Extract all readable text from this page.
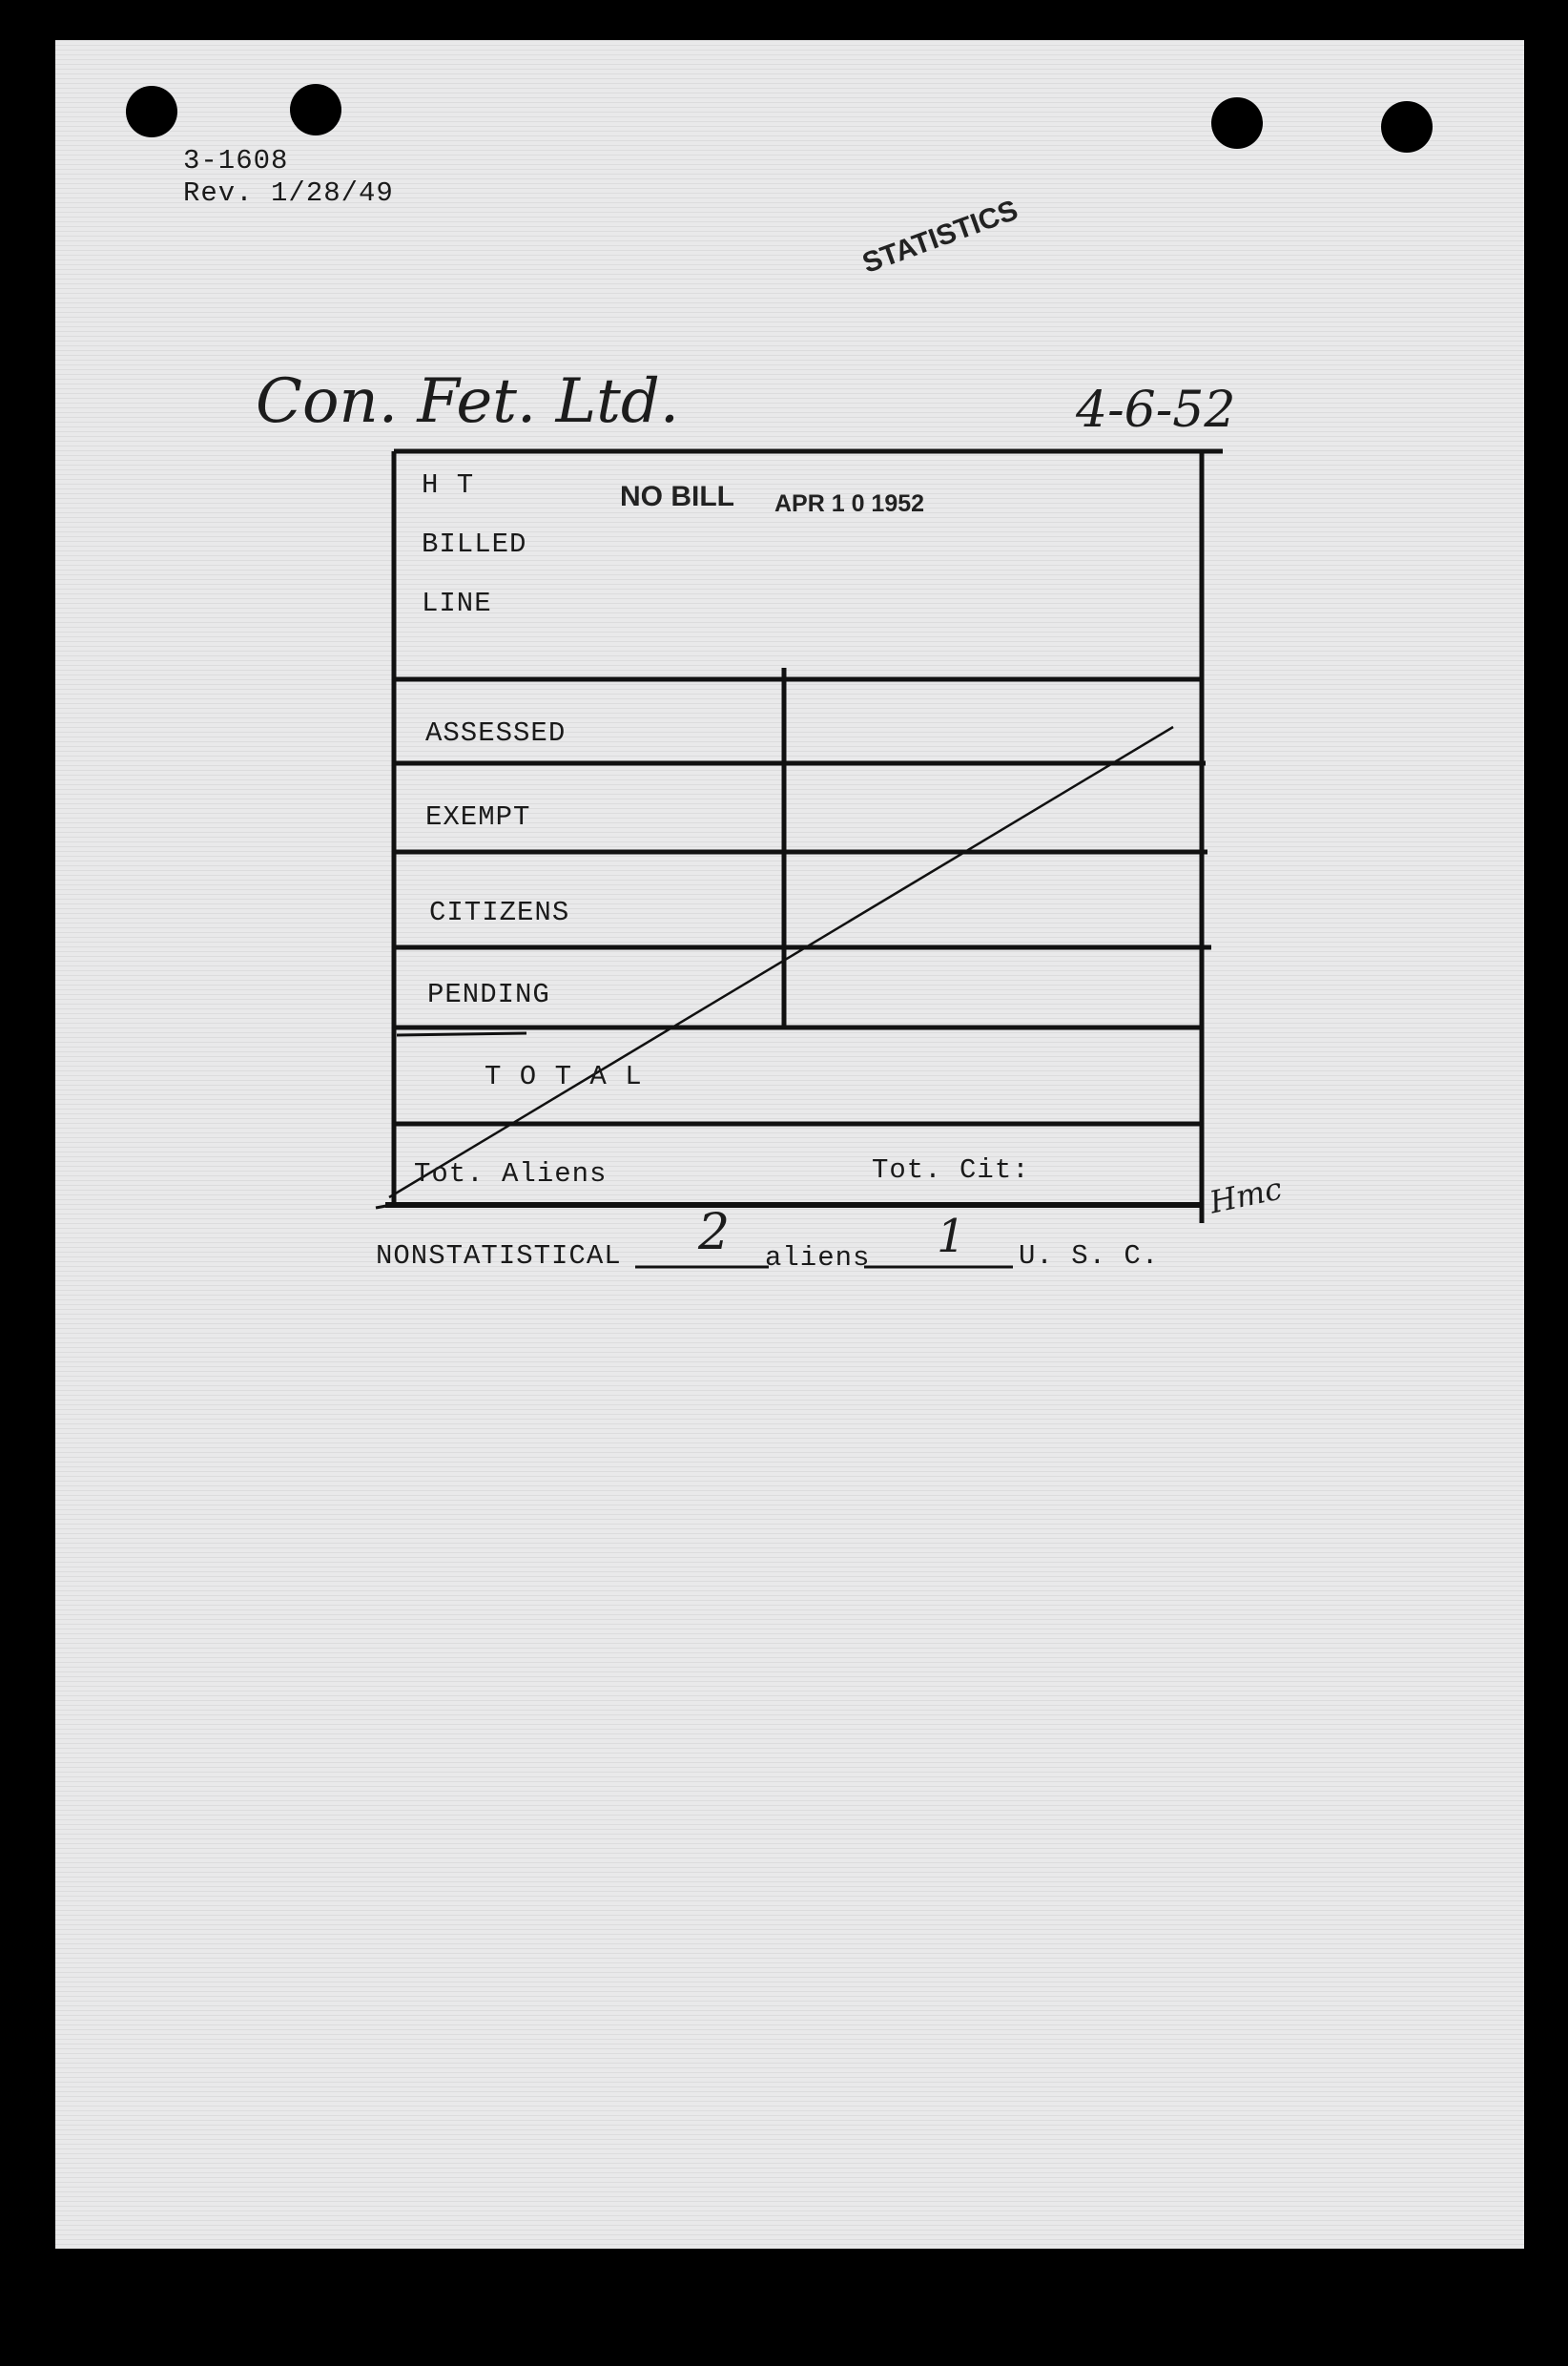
3-1608
Rev. 1/28/49
STATISTICS
Con. Fet. Ltd.	4-6-52
H T
BILLED
LINE
NO BILL APR 1 0 1952
ASSESSED
EXEMPT
CITIZENS
PENDING
T O T A L
Tot. Aliens	Tot. Cit:	Hmc
NONSTATISTICAL 2 aliens 1 U. S. C.
